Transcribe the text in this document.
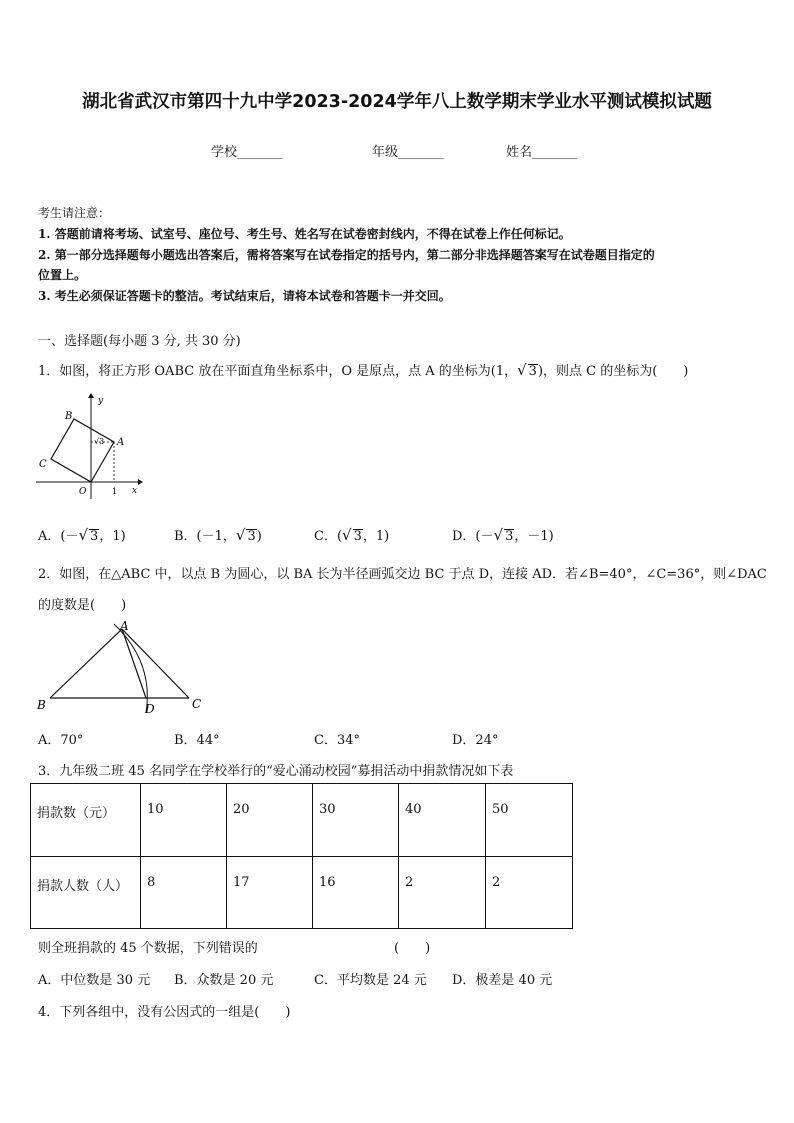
湖北省武汉市第四十九中学2023-2024学年八上数学期末学业水平测试模拟试题
学校_______	年级_______	姓名_______
考生请注意：
1. 答题前请将考场、试室号、座位号、考生号、姓名写在试卷密封线内，不得在试卷上作任何标记。
2. 第一部分选择题每小题选出答案后，需将答案写在试卷指定的括号内，第二部分非选择题答案写在试卷题目指定的
位置上。
3. 考生必须保证答题卡的整洁。考试结束后，请将本试卷和答题卡一并交回。
一、选择题(每小题 3 分, 共 30 分)
1．如图，将正方形 OABC 放在平面直角坐标系中，O 是原点，点 A 的坐标为(1，√ 3)，则点 C 的坐标为(　　)
B
A
C
O
y
x
1
√3
A．(－√ 3，1)	B．(－1，√ 3)	C．(√ 3，1)	D．(－√ 3，－1)
2．如图，在△ABC 中，以点 B 为圆心，以 BA 长为半径画弧交边 BC 于点 D，连接 AD．若∠B=40°，∠C=36°，则∠DAC
的度数是(　　)
A
B	C
D
A．70°	B．44°	C．34°	D．24°
3．九年级二班 45 名同学在学校举行的“爱心涌动校园”募捐活动中捐款情况如下表
捐款数（元）	10	20	30	40	50
捐款人数（人）	8	17	16	2	2
则全班捐款的 45 个数据，下列错误的	(　　)
A．中位数是 30 元 B．众数是 20 元	C．平均数是 24 元 D．极差是 40 元
4．下列各组中，没有公因式的一组是(　　)
